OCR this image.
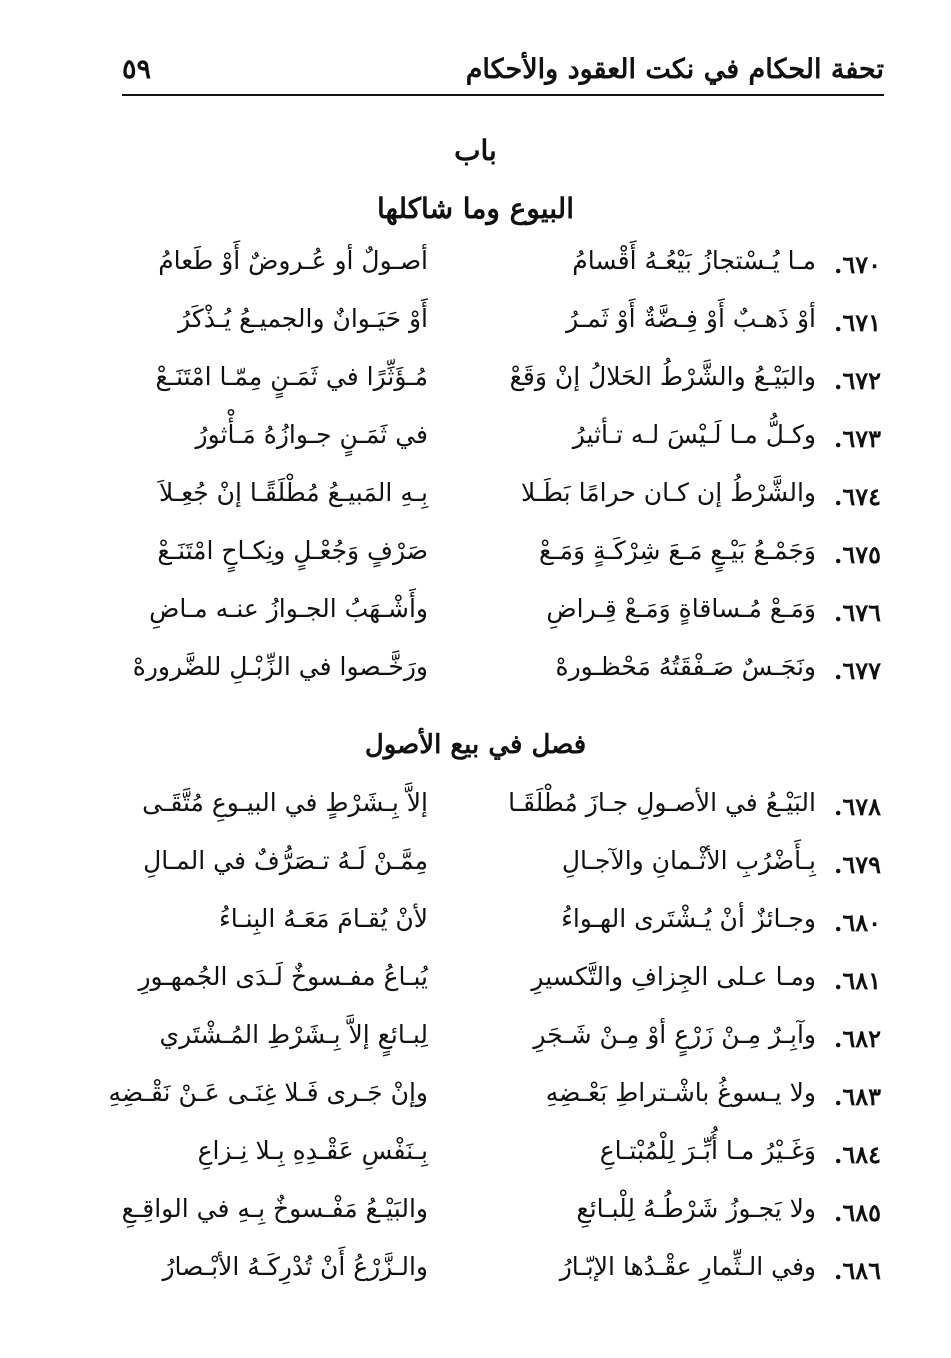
تحفة الحكام في نكت العقود والأحكام
٥٩
باب
البيوع وما شاكلها
٦٧٠.
مـا يُـسْتجازُ بَيْعُـهُ أَقْسامُ
أصـولٌ أو عُـروضٌ أَوْ طَعامُ
٦٧١.
أوْ ذَهـبٌ أَوْ فِـضَّةٌ أَوْ ثَمـرُ
أَوْ حَيَـوانٌ والجميـعُ يُـذْكَرُ
٦٧٢.
والبَيْـعُ والشَّرْطُ الحَلالُ إنْ وَقَعْ
مُـؤَثِّرًا في ثَمَـنٍ مِمّـا امْتَنَـعْ
٦٧٣.
وكـلُّ مـا لَـيْسَ لـه تـأثيرُ
في ثَمَـنٍ جـوازُهُ مَـأْثورُ
٦٧٤.
والشَّرْطُ إن كـان حرامًا بَطَـلا
بِـهِ المَبيـعُ مُطْلَقًـا إنْ جُعِـلاَ
٦٧٥.
وَجَمْـعُ بَيْـعٍ مَـعَ شِرْكَـةٍ وَمَـعْ
صَرْفٍ وَجُعْـلٍ ونِكـاحٍ امْتَنَـعْ
٦٧٦.
وَمَـعْ مُـساقاةٍ وَمَـعْ قِـراضِ
وأَشْـهَبُ الجـوازُ عنـه مـاضِ
٦٧٧.
ونَجَـسٌ صَـفْقَتُهُ مَحْظـورهْ
ورَخَّـصوا في الزِّبْـلِ للضَّرورهْ
فصل في بيع الأصول
٦٧٨.
البَيْـعُ في الأصـولِ جـازَ مُطْلَقَـا
إلاَّ بِـشَرْطٍ في البيـوعِ مُتَّقَـى
٦٧٩.
بِـأَضْرُبِ الأثْـمانِ والآجـالِ
مِمَّـنْ لَـهُ تـصَرُّفٌ في المـالِ
٦٨٠.
وجـائزٌ أنْ يُـشْتَرى الهـواءُ
لأنْ يُقـامَ مَعَـهُ البِنـاءُ
٦٨١.
ومـا عـلى الجِزافِ والتَّكسيرِ
يُبـاعُ مفـسوخٌ لَـدَى الجُمهـورِ
٦٨٢.
وآبِـرٌ مِـنْ زَرْعٍ أوْ مِـنْ شَـجَرِ
لِبـائعٍ إلاَّ بِـشَرْطِ المُـشْتَري
٦٨٣.
ولا يـسوغُ باشْـتراطِ بَعْـضِهِ
وإنْ جَـرى فَـلا غِنَـى عَـنْ نَقْـضِهِ
٦٨٤.
وَغَـيْرُ مـا أُبِّـرَ لِلْمُبْتـاعِ
بِـنَفْسِ عَقْـدِهِ بِـلا نِـزاعِ
٦٨٥.
ولا يَجـوزُ شَرْطُـهُ لِلْبـائعِ
والبَيْـعُ مَفْـسوخٌ بِـهِ في الواقِـعِ
٦٨٦.
وفي الـثِّمارِ عقْـدُها الإبّـارُ
والـزَّرْعُ أَنْ تُدْرِكَـهُ الأبْـصارُ
